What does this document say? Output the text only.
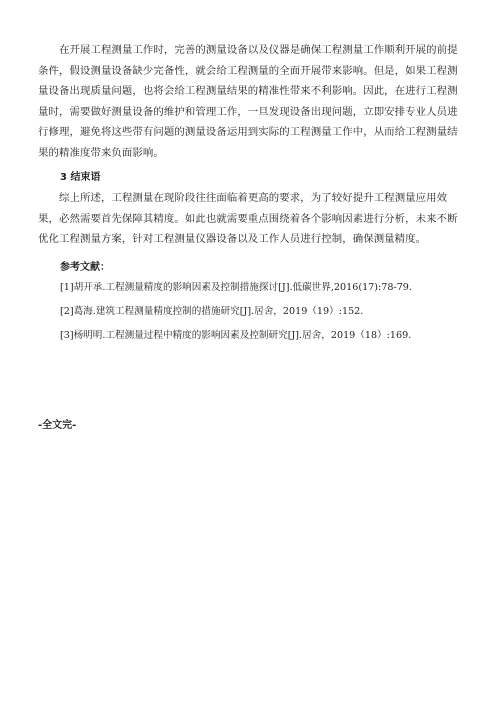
在开展工程测量工作时，完善的测量设备以及仪器是确保工程测量工作顺利开展的前提
条件，假设测量设备缺少完备性，就会给工程测量的全面开展带来影响。但是，如果工程测
量设备出现质量问题，也将会给工程测量结果的精准性带来不利影响。因此，在进行工程测
量时，需要做好测量设备的维护和管理工作，一旦发现设备出现问题，立即安排专业人员进
行修理，避免将这些带有问题的测量设备运用到实际的工程测量工作中，从而给工程测量结
果的精准度带来负面影响。

3 结束语

综上所述，工程测量在现阶段往往面临着更高的要求，为了较好提升工程测量应用效
果，必然需要首先保障其精度。如此也就需要重点围绕着各个影响因素进行分析，未来不断
优化工程测量方案，针对工程测量仪器设备以及工作人员进行控制，确保测量精度。

参考文献：

[1]胡开承.工程测量精度的影响因素及控制措施探讨[J].低碳世界,2016(17):78-79.

[2]葛海.建筑工程测量精度控制的措施研究[J].居舍，2019（19）:152.

[3]杨明明.工程测量过程中精度的影响因素及控制研究[J].居舍，2019（18）:169.

-全文完-
